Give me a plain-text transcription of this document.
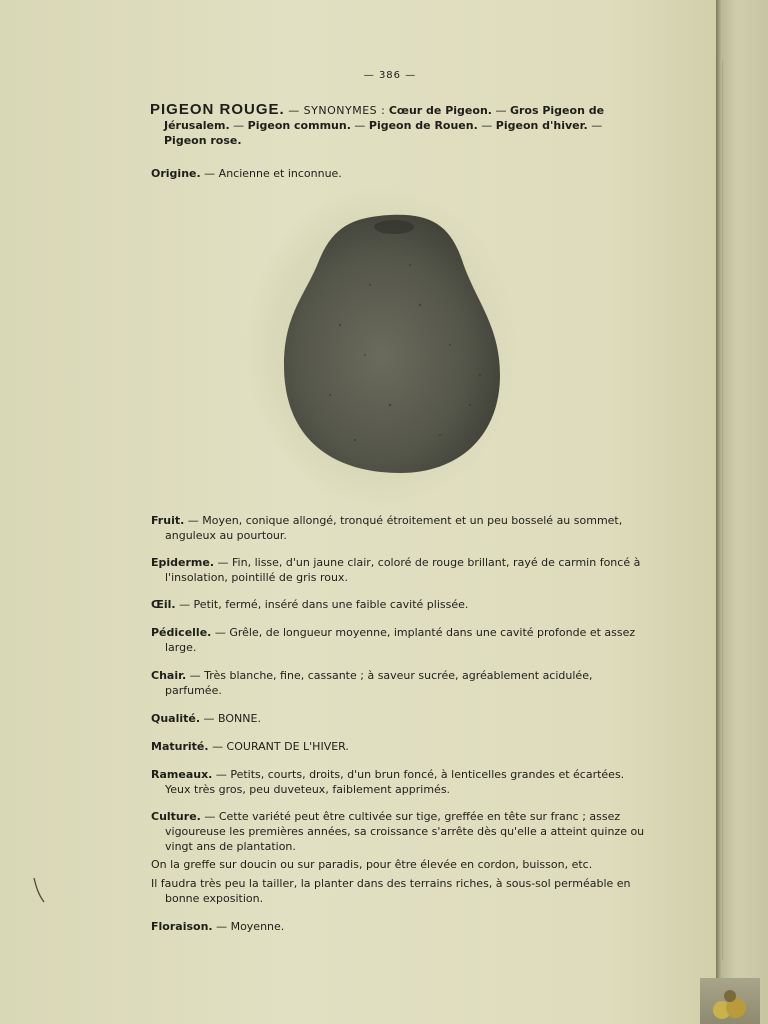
— 386 —
PIGEON ROUGE. — SYNONYMES : Cœur de Pigeon. — Gros Pigeon de Jérusalem. — Pigeon commun. — Pigeon de Rouen. — Pigeon d'hiver. — Pigeon rose.
Origine. — Ancienne et inconnue.
Fruit. — Moyen, conique allongé, tronqué étroitement et un peu bosselé au sommet, anguleux au pourtour.
Epiderme. — Fin, lisse, d'un jaune clair, coloré de rouge brillant, rayé de carmin foncé à l'insolation, pointillé de gris roux.
Œil. — Petit, fermé, inséré dans une faible cavité plissée.
Pédicelle. — Grêle, de longueur moyenne, implanté dans une cavité profonde et assez large.
Chair. — Très blanche, fine, cassante ; à saveur sucrée, agréablement acidulée, parfumée.
Qualité. — BONNE.
Maturité. — COURANT DE L'HIVER.
Rameaux. — Petits, courts, droits, d'un brun foncé, à lenticelles grandes et écartées. Yeux très gros, peu duveteux, faiblement apprimés.
Culture. — Cette variété peut être cultivée sur tige, greffée en tête sur franc ; assez vigoureuse les premières années, sa croissance s'arrête dès qu'elle a atteint quinze ou vingt ans de plantation.
On la greffe sur doucin ou sur paradis, pour être élevée en cordon, buisson, etc.
Il faudra très peu la tailler, la planter dans des terrains riches, à sous-sol perméable en bonne exposition.
Floraison. — Moyenne.
